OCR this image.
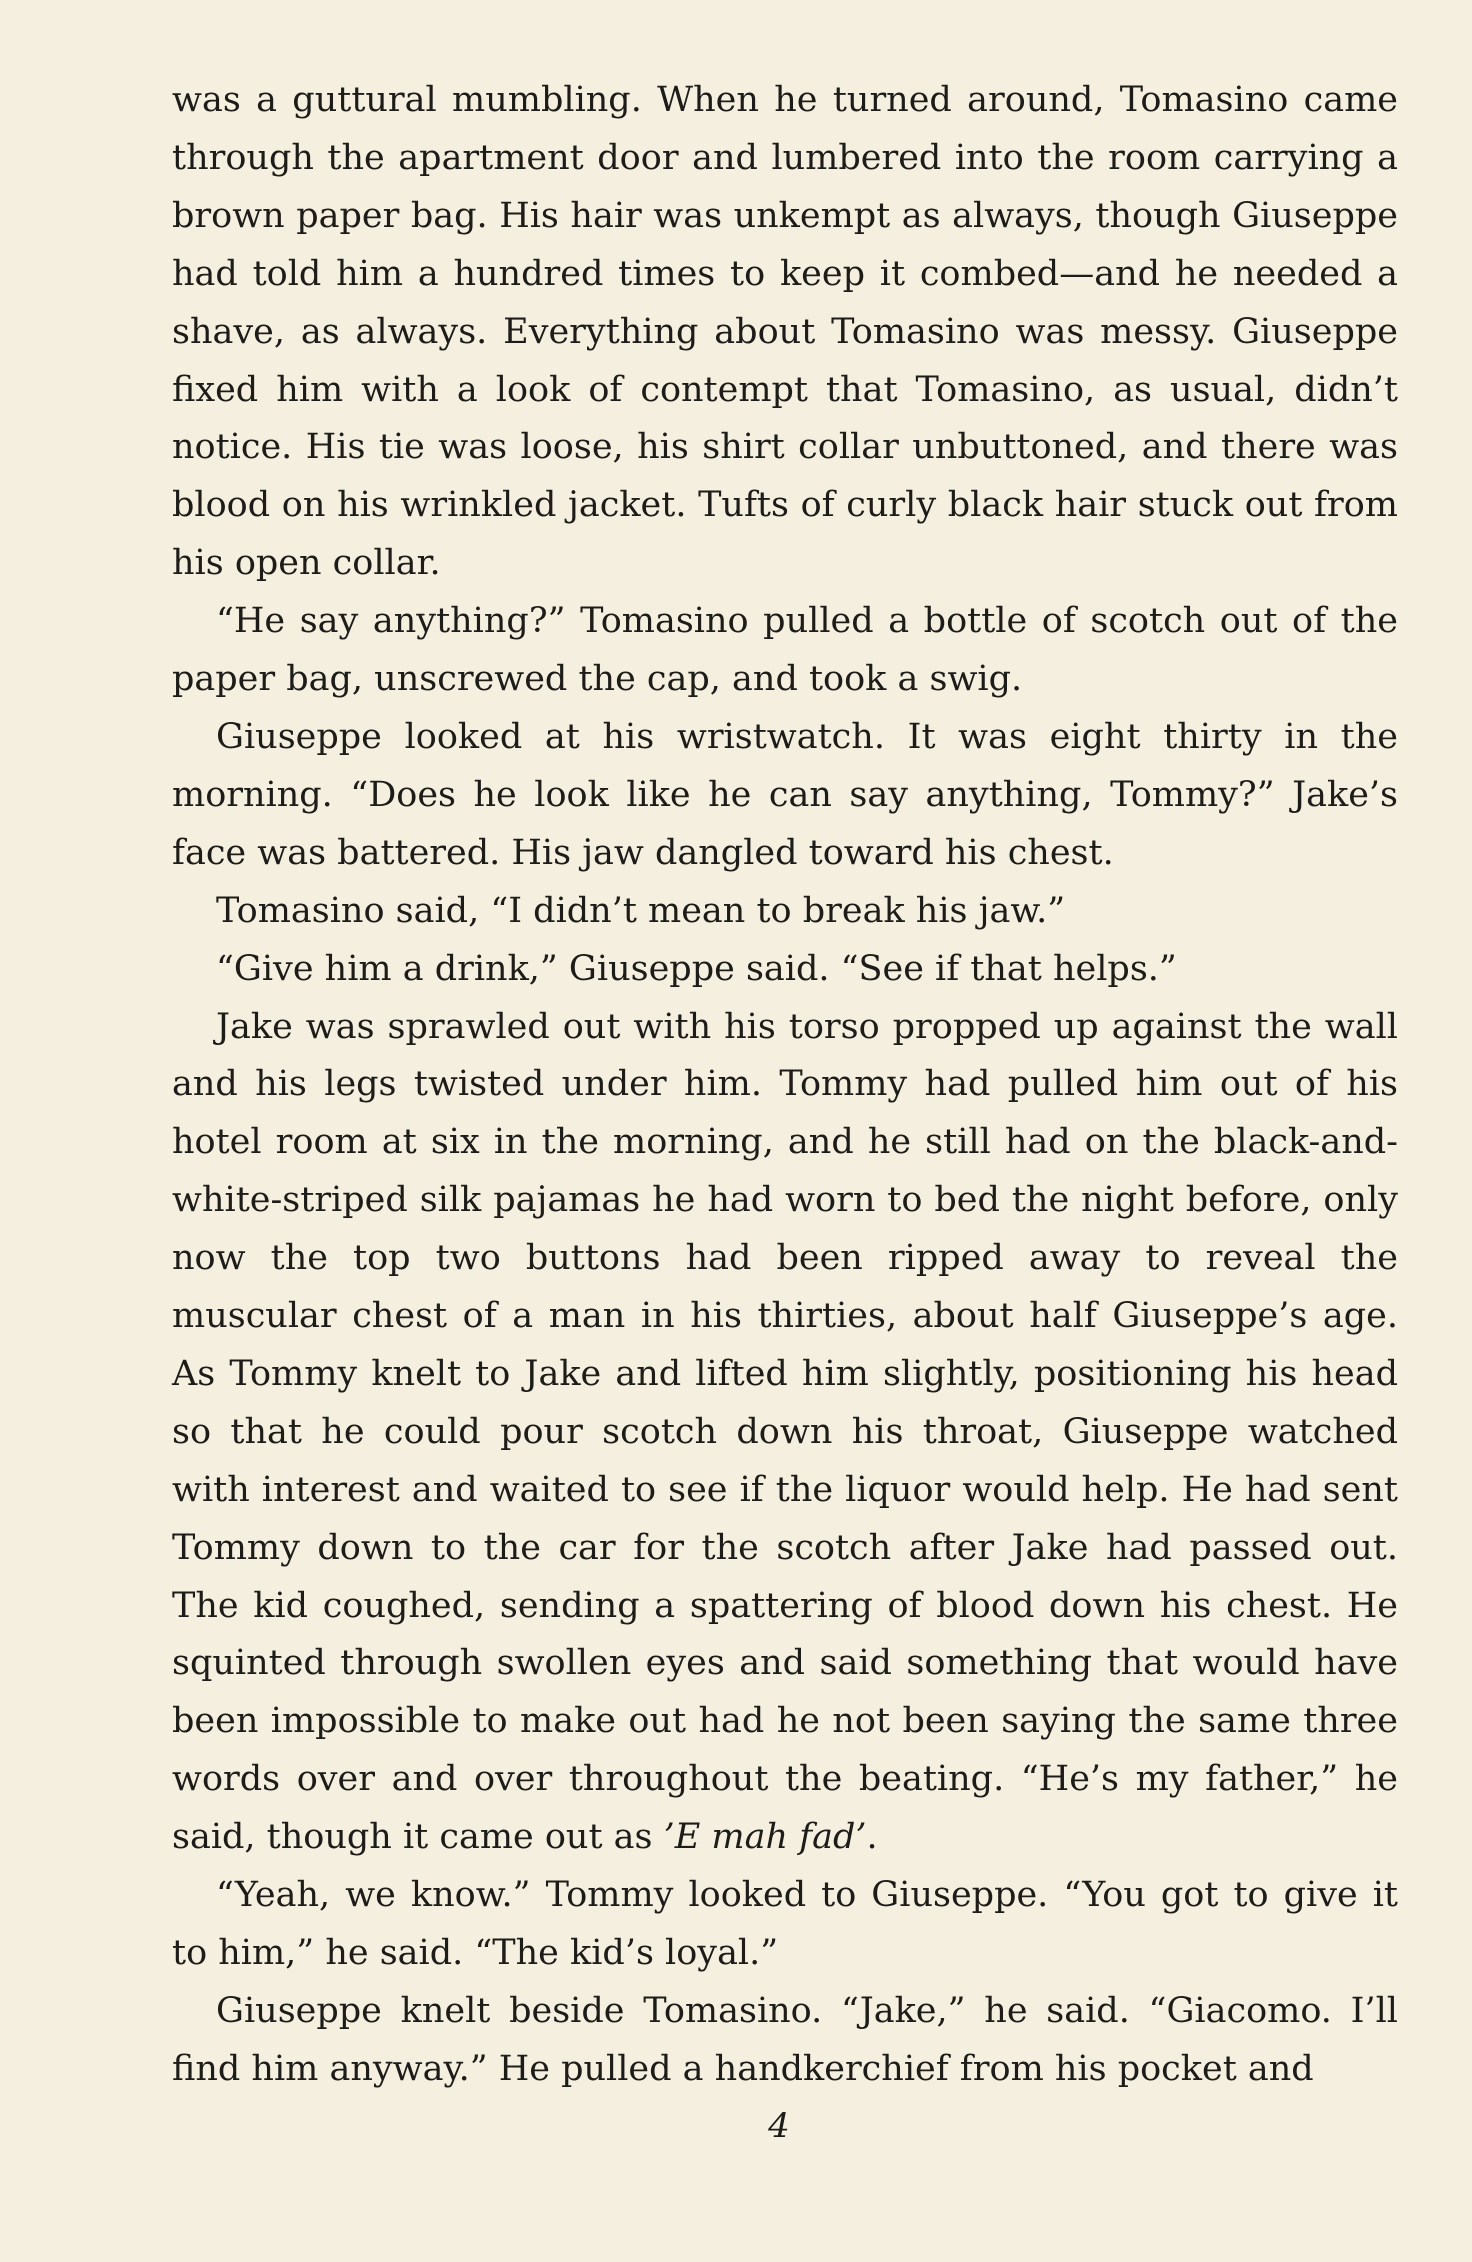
was a guttural mumbling. When he turned around, Tomasino came through the apartment door and lumbered into the room carrying a brown paper bag. His hair was unkempt as always, though Giuseppe had told him a hundred times to keep it combed—and he needed a shave, as always. Everything about Tomasino was messy. Giuseppe fixed him with a look of contempt that Tomasino, as usual, didn’t notice. His tie was loose, his shirt collar unbuttoned, and there was blood on his wrinkled jacket. Tufts of curly black hair stuck out from his open collar.

“He say anything?” Tomasino pulled a bottle of scotch out of the paper bag, unscrewed the cap, and took a swig.

Giuseppe looked at his wristwatch. It was eight thirty in the morning. “Does he look like he can say anything, Tommy?” Jake’s face was battered. His jaw dangled toward his chest.

Tomasino said, “I didn’t mean to break his jaw.”

“Give him a drink,” Giuseppe said. “See if that helps.”

Jake was sprawled out with his torso propped up against the wall and his legs twisted under him. Tommy had pulled him out of his hotel room at six in the morning, and he still had on the black-and-white-striped silk pajamas he had worn to bed the night before, only now the top two buttons had been ripped away to reveal the muscular chest of a man in his thirties, about half Giuseppe’s age. As Tommy knelt to Jake and lifted him slightly, positioning his head so that he could pour scotch down his throat, Giuseppe watched with interest and waited to see if the liquor would help. He had sent Tommy down to the car for the scotch after Jake had passed out. The kid coughed, sending a spattering of blood down his chest. He squinted through swollen eyes and said something that would have been impossible to make out had he not been saying the same three words over and over throughout the beating. “He’s my father,” he said, though it came out as ’E mah fad’.

“Yeah, we know.” Tommy looked to Giuseppe. “You got to give it to him,” he said. “The kid’s loyal.”

Giuseppe knelt beside Tomasino. “Jake,” he said. “Giacomo. I’ll find him anyway.” He pulled a handkerchief from his pocket and

4
